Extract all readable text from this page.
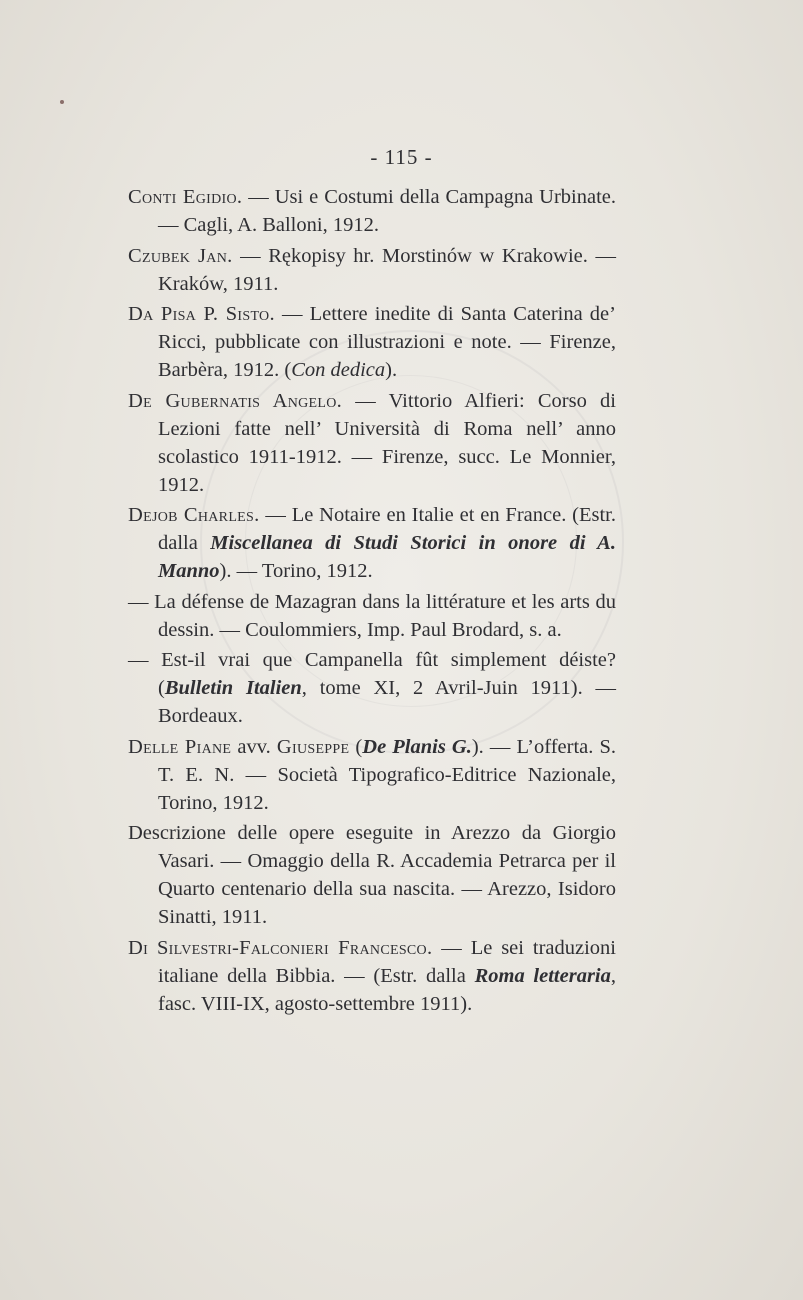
- 115 -

Conti Egidio. — Usi e Costumi della Campagna Urbinate. — Cagli, A. Balloni, 1912.

Czubek Jan. — Rękopisy hr. Morstinów w Krakowie. — Kraków, 1911.

Da Pisa P. Sisto. — Lettere inedite di Santa Caterina de’ Ricci, pubblicate con illustrazioni e note. — Firenze, Barbèra, 1912. (Con dedica).

De Gubernatis Angelo. — Vittorio Alfieri: Corso di Lezioni fatte nell’ Università di Roma nell’ anno scolastico 1911-1912. — Firenze, succ. Le Monnier, 1912.

Dejob Charles. — Le Notaire en Italie et en France. (Estr. dalla Miscellanea di Studi Storici in onore di A. Manno). — Torino, 1912.

— La défense de Mazagran dans la littérature et les arts du dessin. — Coulommiers, Imp. Paul Brodard, s. a.

— Est-il vrai que Campanella fût simplement déiste? (Bulletin Italien, tome XI, 2 Avril-Juin 1911). — Bordeaux.

Delle Piane avv. Giuseppe (De Planis G.). — L’offerta. S. T. E. N. — Società Tipografico-Editrice Nazionale, Torino, 1912.

Descrizione delle opere eseguite in Arezzo da Giorgio Vasari. — Omaggio della R. Accademia Petrarca per il Quarto centenario della sua nascita. — Arezzo, Isidoro Sinatti, 1911.

Di Silvestri-Falconieri Francesco. — Le sei traduzioni italiane della Bibbia. — (Estr. dalla Roma letteraria, fasc. VIII-IX, agosto-settembre 1911).
